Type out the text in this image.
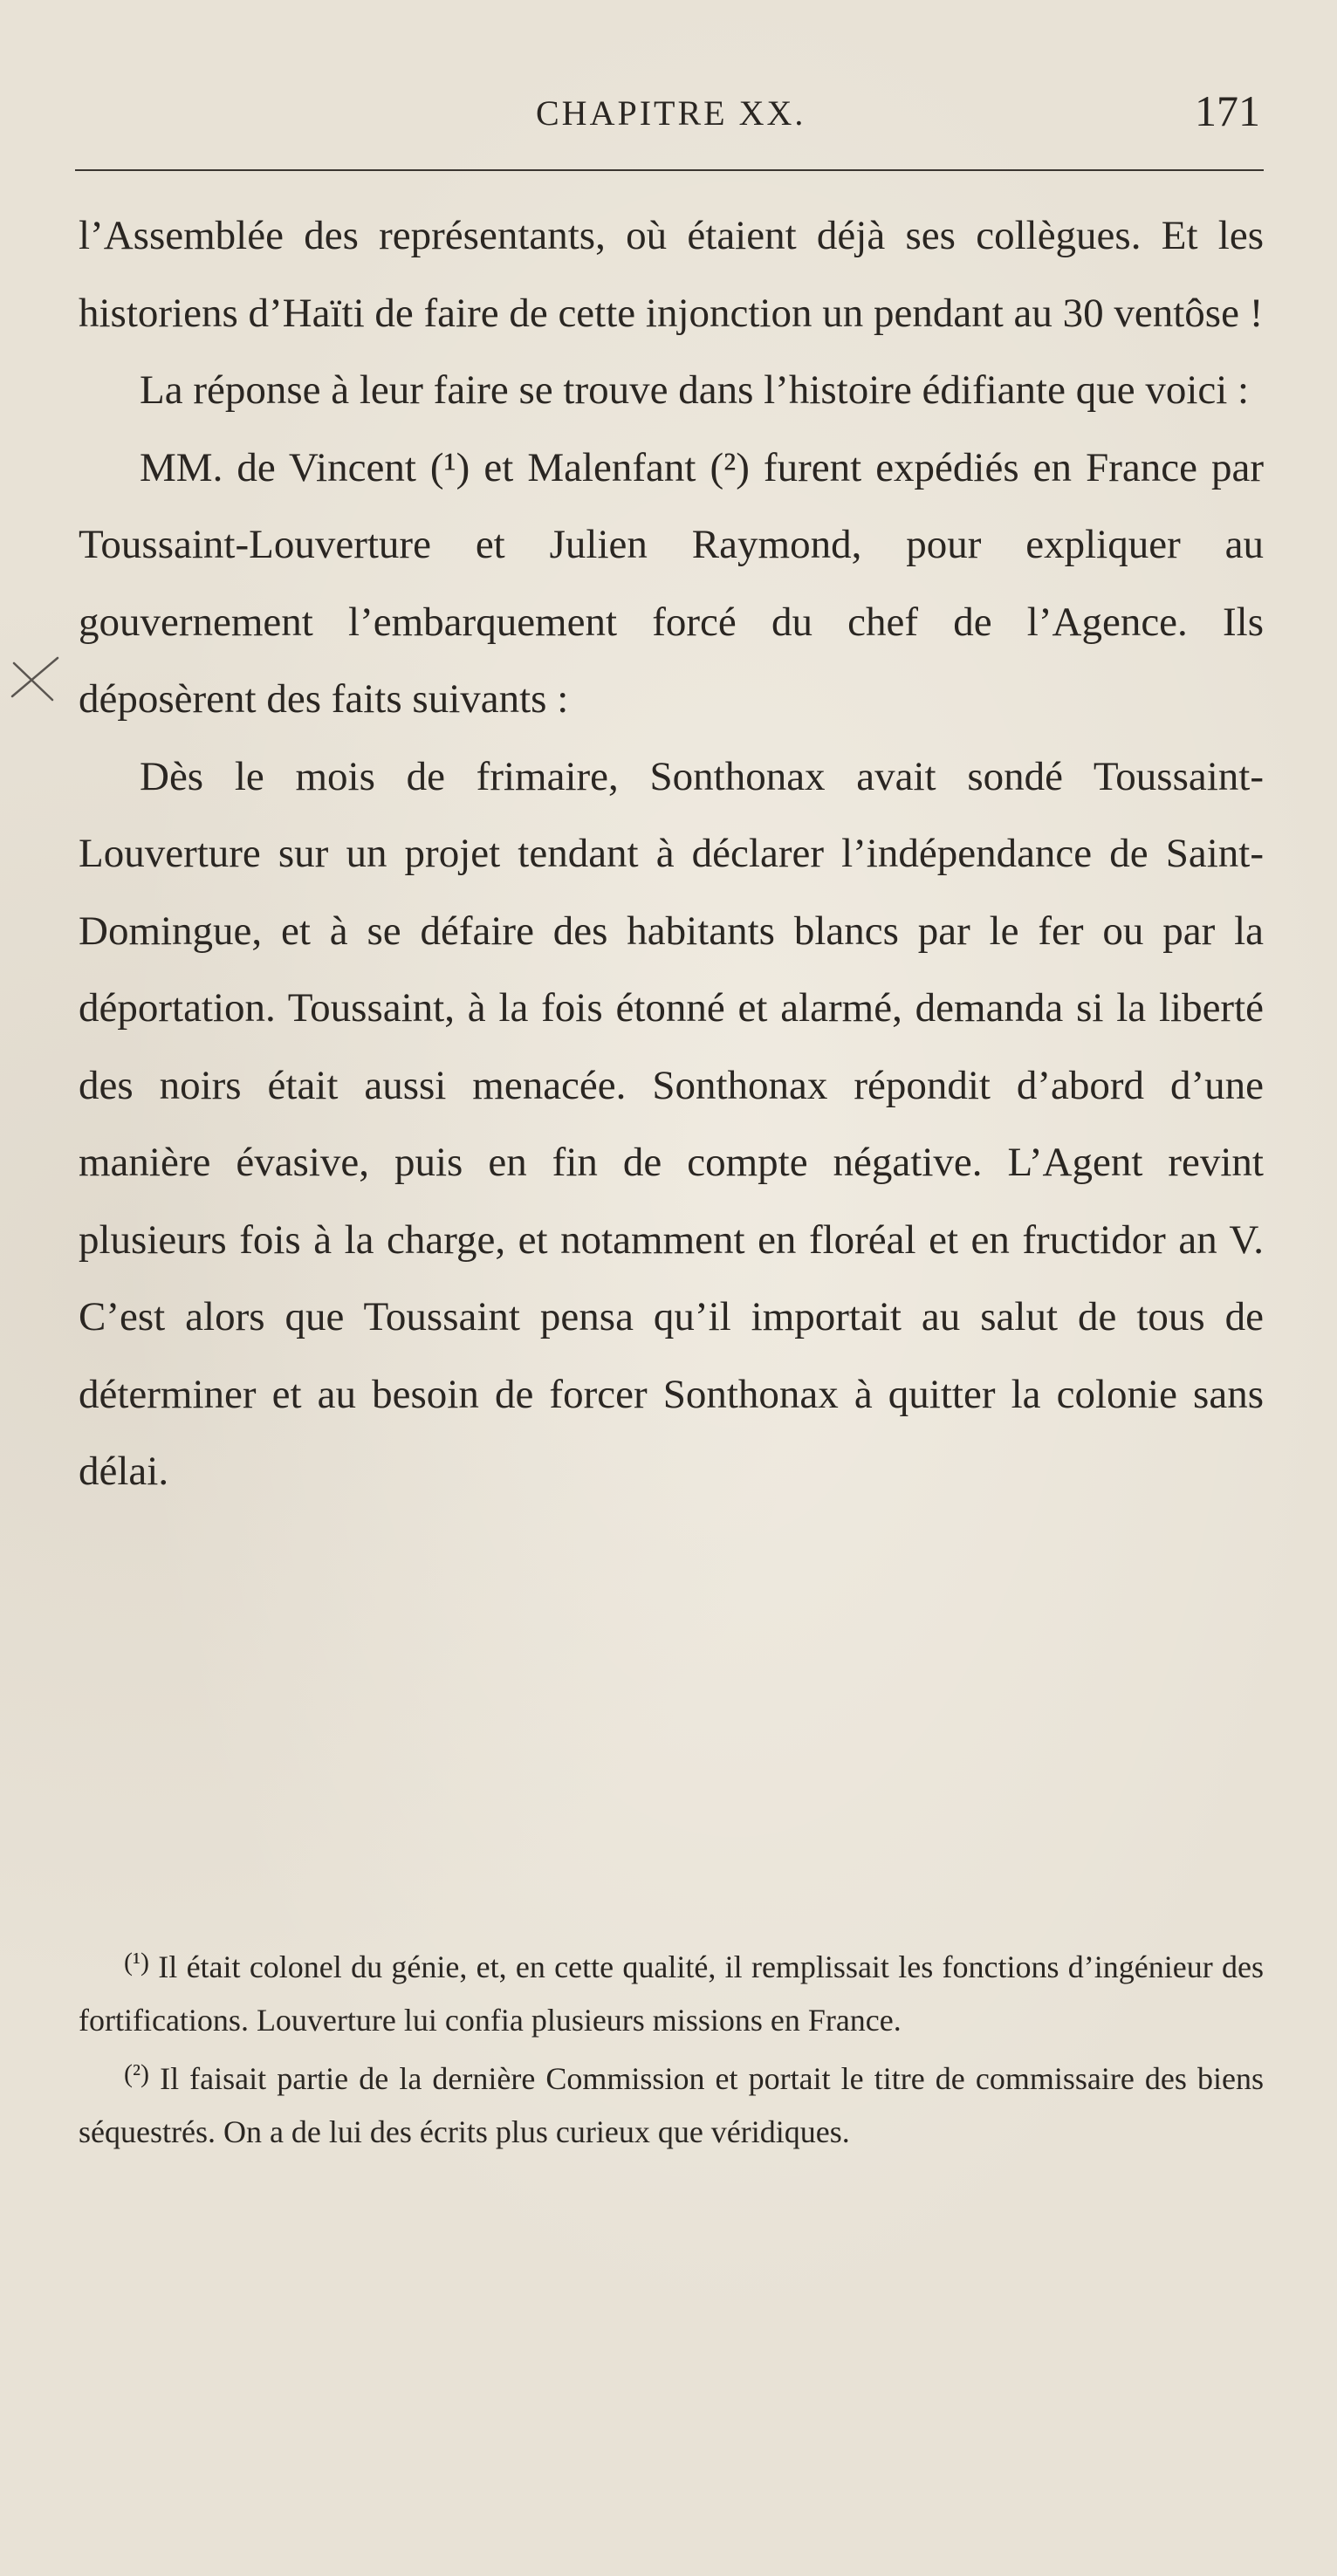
CHAPITRE XX.	171

l’Assemblée des représentants, où étaient déjà ses collègues. Et les historiens d’Haïti de faire de cette injonction un pendant au 30 ventôse !

La réponse à leur faire se trouve dans l’histoire édifiante que voici :

MM. de Vincent (¹) et Malenfant (²) furent expédiés en France par Toussaint-Louverture et Julien Raymond, pour expliquer au gouvernement l’embarquement forcé du chef de l’Agence. Ils déposèrent des faits suivants :

Dès le mois de frimaire, Sonthonax avait sondé Toussaint-Louverture sur un projet tendant à déclarer l’indépendance de Saint-Domingue, et à se défaire des habitants blancs par le fer ou par la déportation. Toussaint, à la fois étonné et alarmé, demanda si la liberté des noirs était aussi menacée. Sonthonax répondit d’abord d’une manière évasive, puis en fin de compte négative. L’Agent revint plusieurs fois à la charge, et notamment en floréal et en fructidor an V. C’est alors que Toussaint pensa qu’il importait au salut de tous de déterminer et au besoin de forcer Sonthonax à quitter la colonie sans délai.

$^{(^1)}$ Il était colonel du génie, et, en cette qualité, il remplissait les fonctions d’ingénieur des fortifications. Louverture lui confia plusieurs missions en France.

$^{(^2)}$ Il faisait partie de la dernière Commission et portait le titre de commissaire des biens séquestrés. On a de lui des écrits plus curieux que véridiques.
